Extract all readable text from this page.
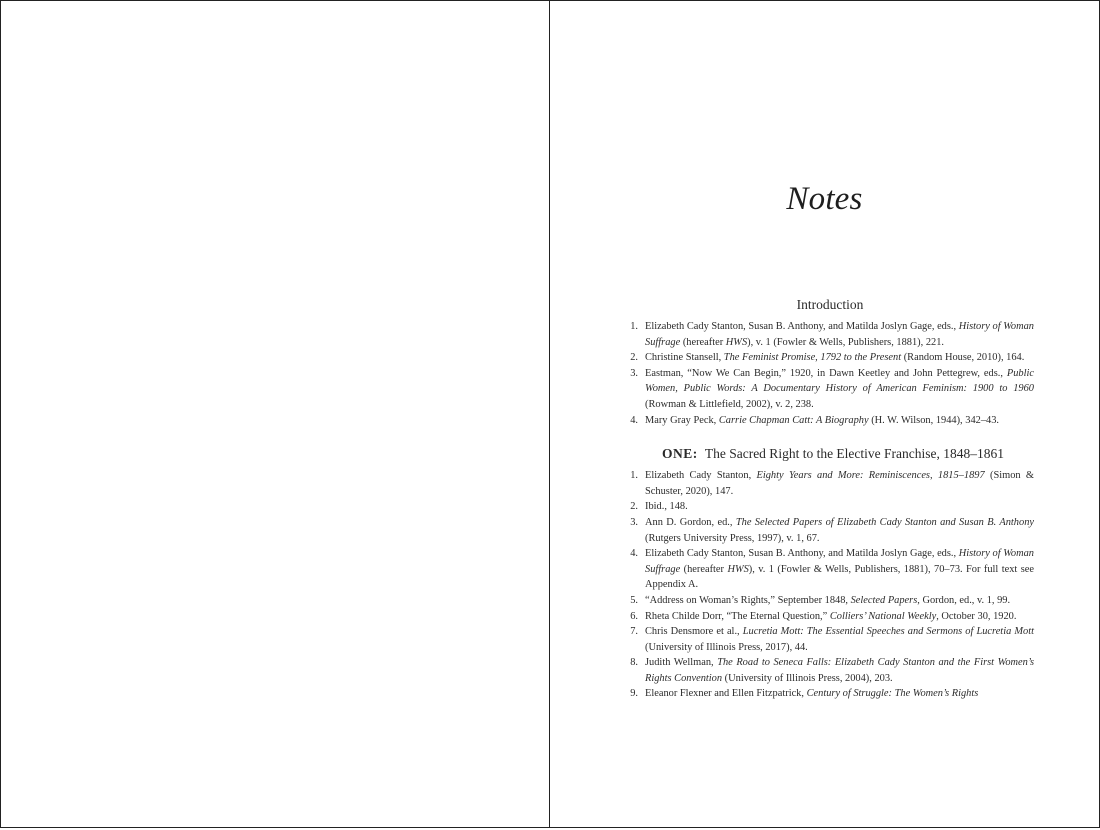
Notes
Introduction
1. Elizabeth Cady Stanton, Susan B. Anthony, and Matilda Joslyn Gage, eds., History of Woman Suffrage (hereafter HWS), v. 1 (Fowler & Wells, Publishers, 1881), 221.
2. Christine Stansell, The Feminist Promise, 1792 to the Present (Random House, 2010), 164.
3. Eastman, “Now We Can Begin,” 1920, in Dawn Keetley and John Pettegrew, eds., Public Women, Public Words: A Documentary History of American Feminism: 1900 to 1960 (Rowman & Littlefield, 2002), v. 2, 238.
4. Mary Gray Peck, Carrie Chapman Catt: A Biography (H. W. Wilson, 1944), 342–43.
ONE: The Sacred Right to the Elective Franchise, 1848–1861
1. Elizabeth Cady Stanton, Eighty Years and More: Reminiscences, 1815–1897 (Simon & Schuster, 2020), 147.
2. Ibid., 148.
3. Ann D. Gordon, ed., The Selected Papers of Elizabeth Cady Stanton and Susan B. Anthony (Rutgers University Press, 1997), v. 1, 67.
4. Elizabeth Cady Stanton, Susan B. Anthony, and Matilda Joslyn Gage, eds., History of Woman Suffrage (hereafter HWS), v. 1 (Fowler & Wells, Publishers, 1881), 70–73. For full text see Appendix A.
5. “Address on Woman’s Rights,” September 1848, Selected Papers, Gordon, ed., v. 1, 99.
6. Rheta Childe Dorr, “The Eternal Question,” Colliers’ National Weekly, October 30, 1920.
7. Chris Densmore et al., Lucretia Mott: The Essential Speeches and Sermons of Lucretia Mott (University of Illinois Press, 2017), 44.
8. Judith Wellman, The Road to Seneca Falls: Elizabeth Cady Stanton and the First Women’s Rights Convention (University of Illinois Press, 2004), 203.
9. Eleanor Flexner and Ellen Fitzpatrick, Century of Struggle: The Women’s Rights
